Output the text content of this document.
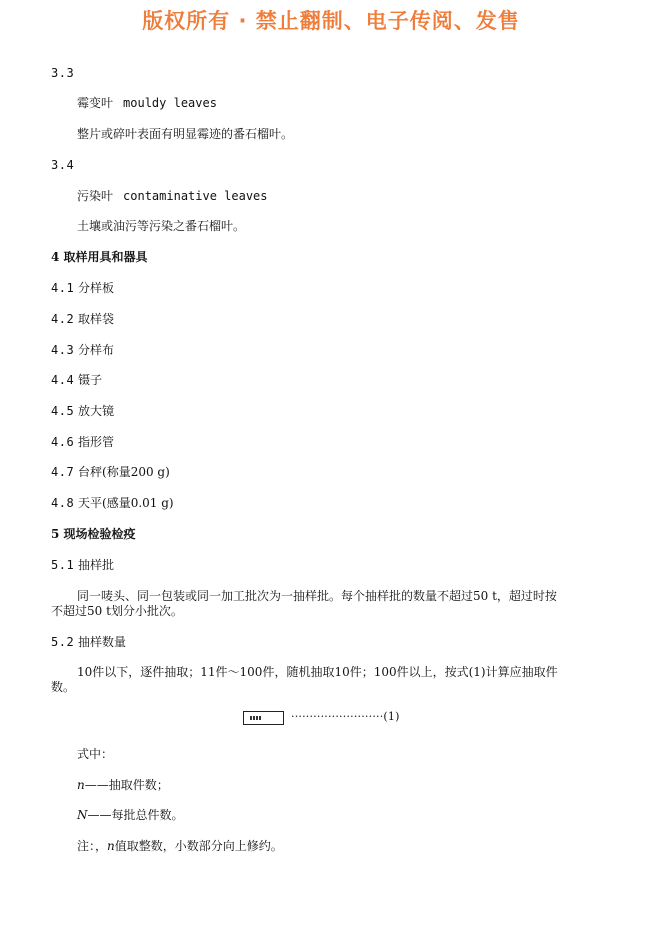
版权所有 · 禁止翻制、电子传阅、发售
3.3
霉变叶 mouldy leaves
整片或碎叶表面有明显霉迹的番石榴叶。
3.4
污染叶 contaminative leaves
土壤或油污等污染之番石榴叶。
4 取样用具和器具
4.1 分样板
4.2 取样袋
4.3 分样布
4.4 镊子
4.5 放大镜
4.6 指形管
4.7 台秤(称量200 g)
4.8 天平(感量0.01 g)
5 现场检验检疫
5.1 抽样批
同一唛头、同一包装或同一加工批次为一抽样批。每个抽样批的数量不超过50 t，超过时按
不超过50 t划分小批次。
5.2 抽样数量
10件以下，逐件抽取；11件～100件，随机抽取10件；100件以上，按式(1)计算应抽取件
数。
·························(1)
式中：
n——抽取件数；
N——每批总件数。
注：，n值取整数，小数部分向上修约。
